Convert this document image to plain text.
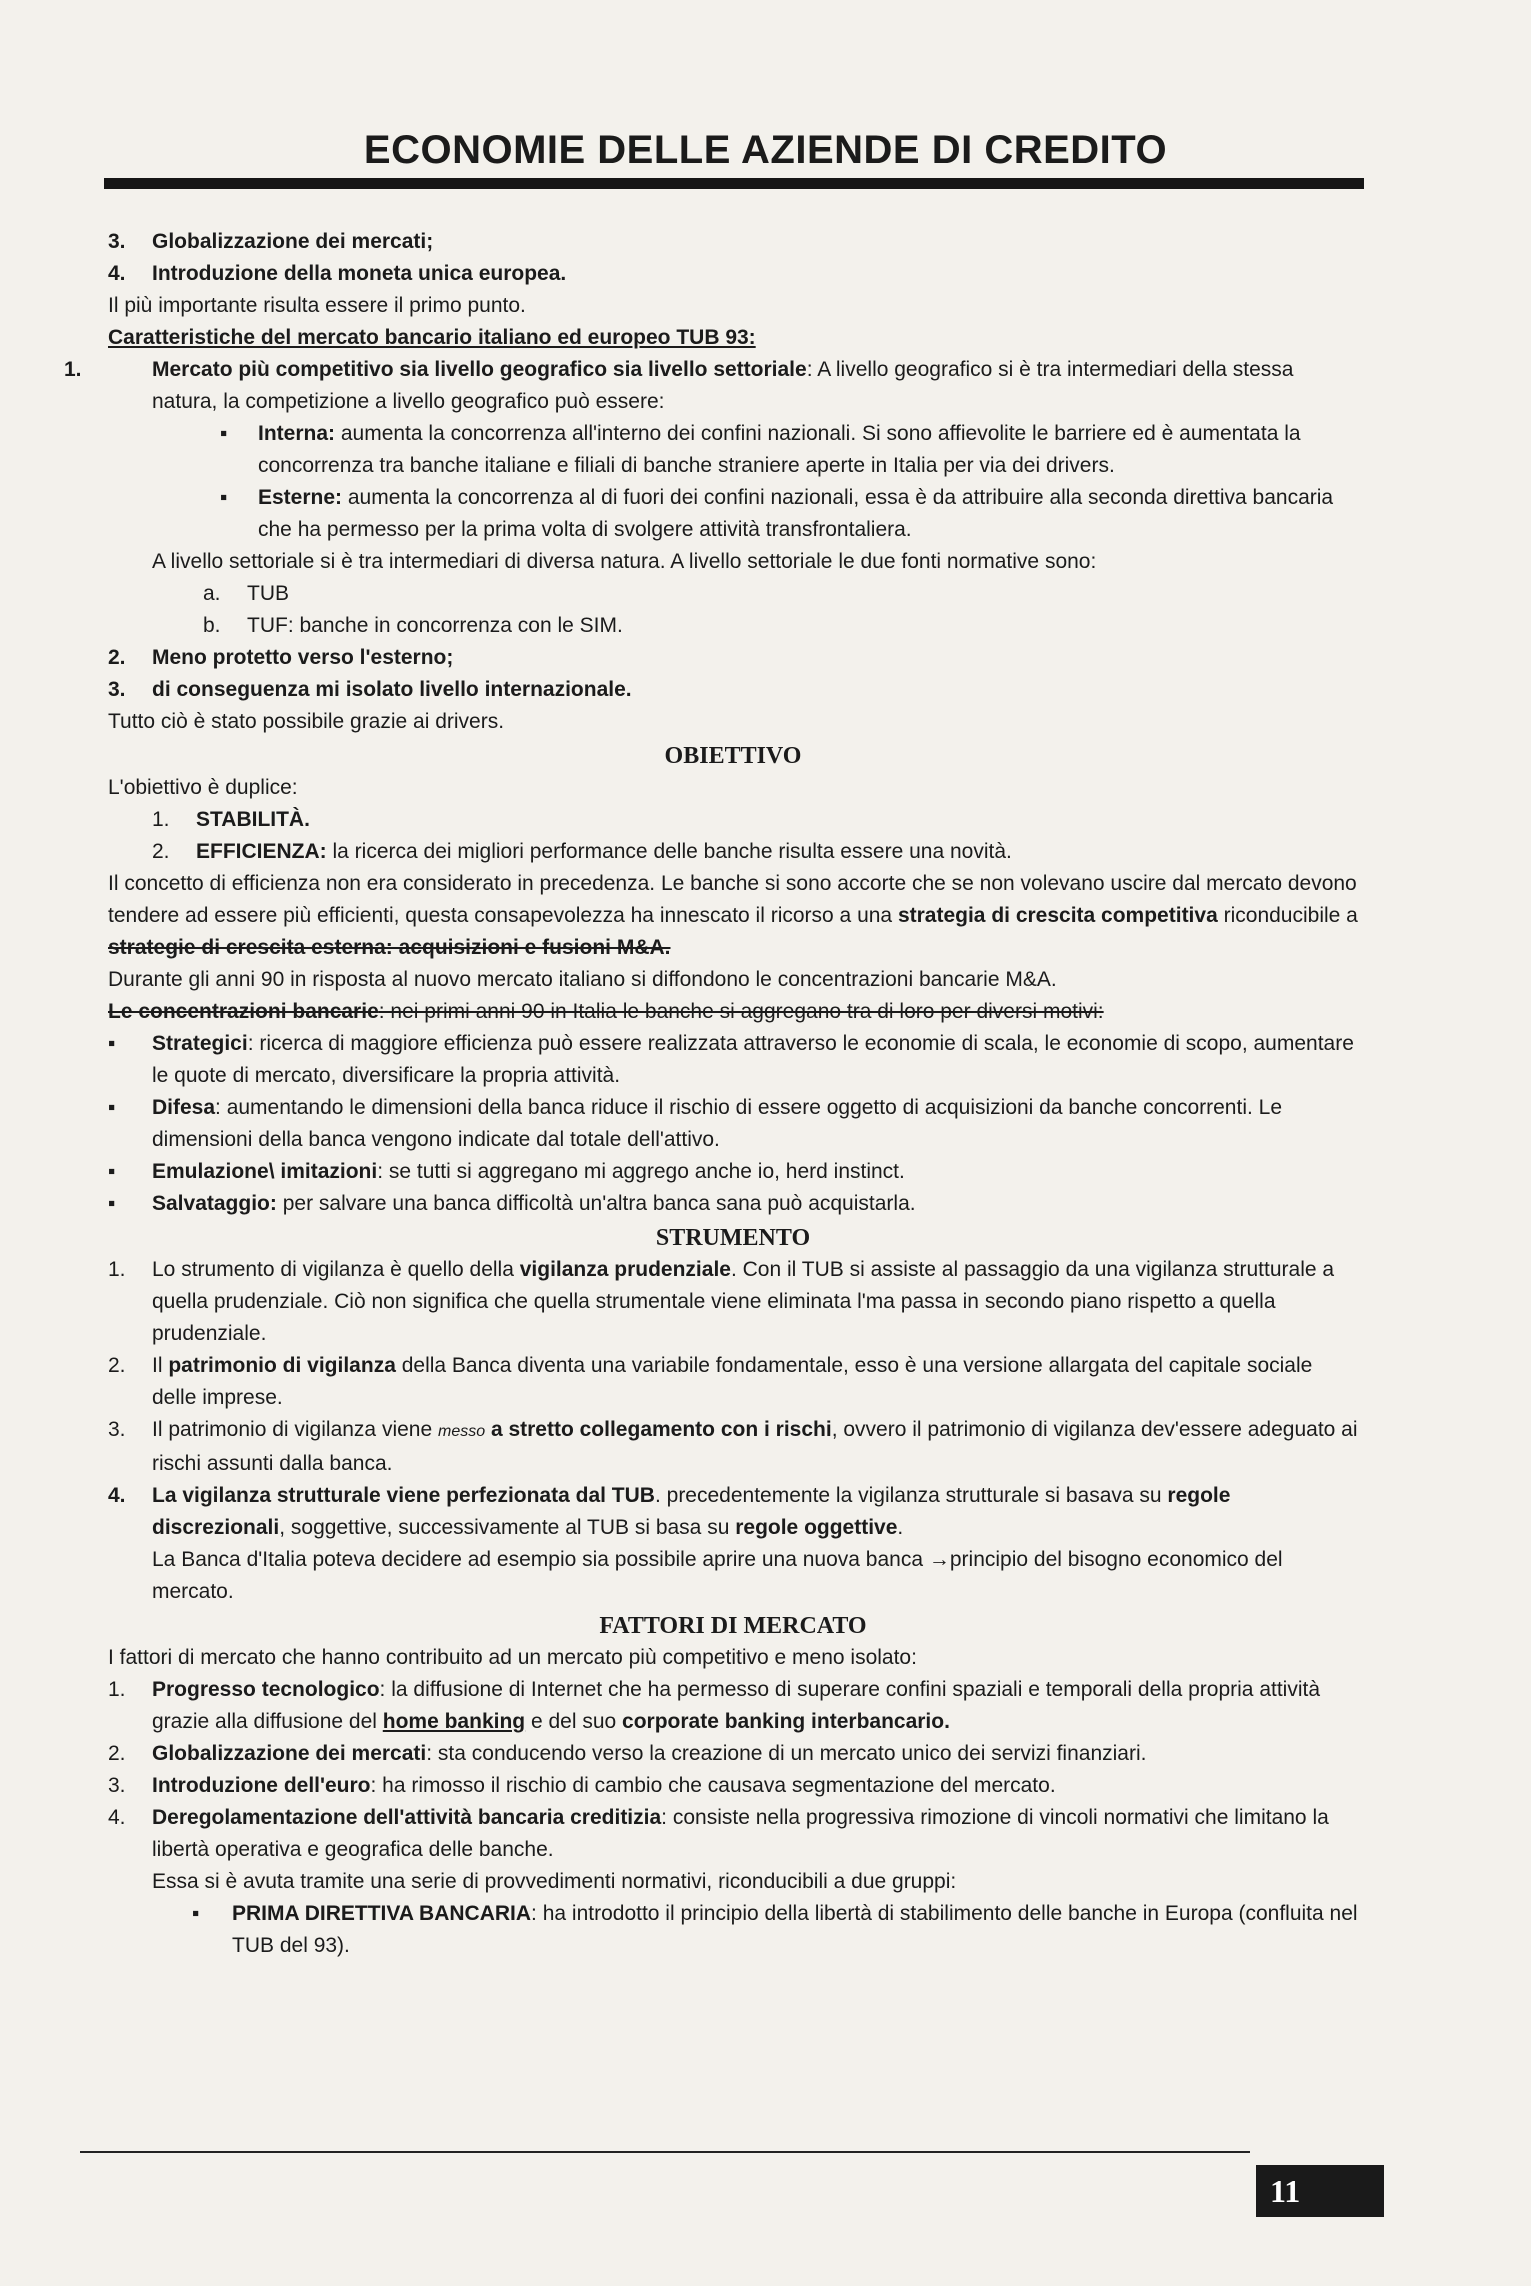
ECONOMIE DELLE AZIENDE DI CREDITO

3. Globalizzazione dei mercati;

4. Introduzione della moneta unica europea.

Il più importante risulta essere il primo punto.

Caratteristiche del mercato bancario italiano ed europeo TUB 93:

1.	Mercato più competitivo sia livello geografico sia livello settoriale: A livello geografico si è tra intermediari della stessa natura, la competizione a livello geografico può essere:

▪ Interna: aumenta la concorrenza all'interno dei confini nazionali. Si sono affievolite le barriere ed è aumentata la concorrenza tra banche italiane e filiali di banche straniere aperte in Italia per via dei drivers.

▪ Esterne: aumenta la concorrenza al di fuori dei confini nazionali, essa è da attribuire alla seconda direttiva bancaria che ha permesso per la prima volta di svolgere attività transfrontaliera.

A livello settoriale si è tra intermediari di diversa natura. A livello settoriale le due fonti normative sono:

a. TUB

b. TUF: banche in concorrenza con le SIM.

2. Meno protetto verso l'esterno;

3. di conseguenza mi isolato livello internazionale.

Tutto ciò è stato possibile grazie ai drivers.

OBIETTIVO

L'obiettivo è duplice:

1. STABILITÀ.

2. EFFICIENZA: la ricerca dei migliori performance delle banche risulta essere una novità.

Il concetto di efficienza non era considerato in precedenza. Le banche si sono accorte che se non volevano uscire dal mercato devono tendere ad essere più efficienti, questa consapevolezza ha innescato il ricorso a una strategia di crescita competitiva riconducibile a strategie di crescita esterna: acquisizioni e fusioni M&A.

Durante gli anni 90 in risposta al nuovo mercato italiano si diffondono le concentrazioni bancarie M&A.

Le concentrazioni bancarie: nei primi anni 90 in Italia le banche si aggregano tra di loro per diversi motivi:

▪ Strategici: ricerca di maggiore efficienza può essere realizzata attraverso le economie di scala, le economie di scopo, aumentare le quote di mercato, diversificare la propria attività.

▪ Difesa: aumentando le dimensioni della banca riduce il rischio di essere oggetto di acquisizioni da banche concorrenti. Le dimensioni della banca vengono indicate dal totale dell'attivo.

▪ Emulazione\ imitazioni: se tutti si aggregano mi aggrego anche io, herd instinct.

▪ Salvataggio: per salvare una banca difficoltà un'altra banca sana può acquistarla.

STRUMENTO

1. Lo strumento di vigilanza è quello della vigilanza prudenziale. Con il TUB si assiste al passaggio da una vigilanza strutturale a quella prudenziale. Ciò non significa che quella strumentale viene eliminata l'ma passa in secondo piano rispetto a quella prudenziale.

2. Il patrimonio di vigilanza della Banca diventa una variabile fondamentale, esso è una versione allargata del capitale sociale delle imprese.

3. Il patrimonio di vigilanza viene messo a stretto collegamento con i rischi, ovvero il patrimonio di vigilanza dev'essere adeguato ai rischi assunti dalla banca.

4. La vigilanza strutturale viene perfezionata dal TUB. precedentemente la vigilanza strutturale si basava su regole discrezionali, soggettive, successivamente al TUB si basa su regole oggettive.

La Banca d'Italia poteva decidere ad esempio sia possibile aprire una nuova banca →principio del bisogno economico del mercato.

FATTORI DI MERCATO

I fattori di mercato che hanno contribuito ad un mercato più competitivo e meno isolato:

1. Progresso tecnologico: la diffusione di Internet che ha permesso di superare confini spaziali e temporali della propria attività grazie alla diffusione del home banking e del suo corporate banking interbancario.

2. Globalizzazione dei mercati: sta conducendo verso la creazione di un mercato unico dei servizi finanziari.

3. Introduzione dell'euro: ha rimosso il rischio di cambio che causava segmentazione del mercato.

4. Deregolamentazione dell'attività bancaria creditizia: consiste nella progressiva rimozione di vincoli normativi che limitano la libertà operativa e geografica delle banche.

Essa si è avuta tramite una serie di provvedimenti normativi, riconducibili a due gruppi:

▪ PRIMA DIRETTIVA BANCARIA: ha introdotto il principio della libertà di stabilimento delle banche in Europa (confluita nel TUB del 93).

11
